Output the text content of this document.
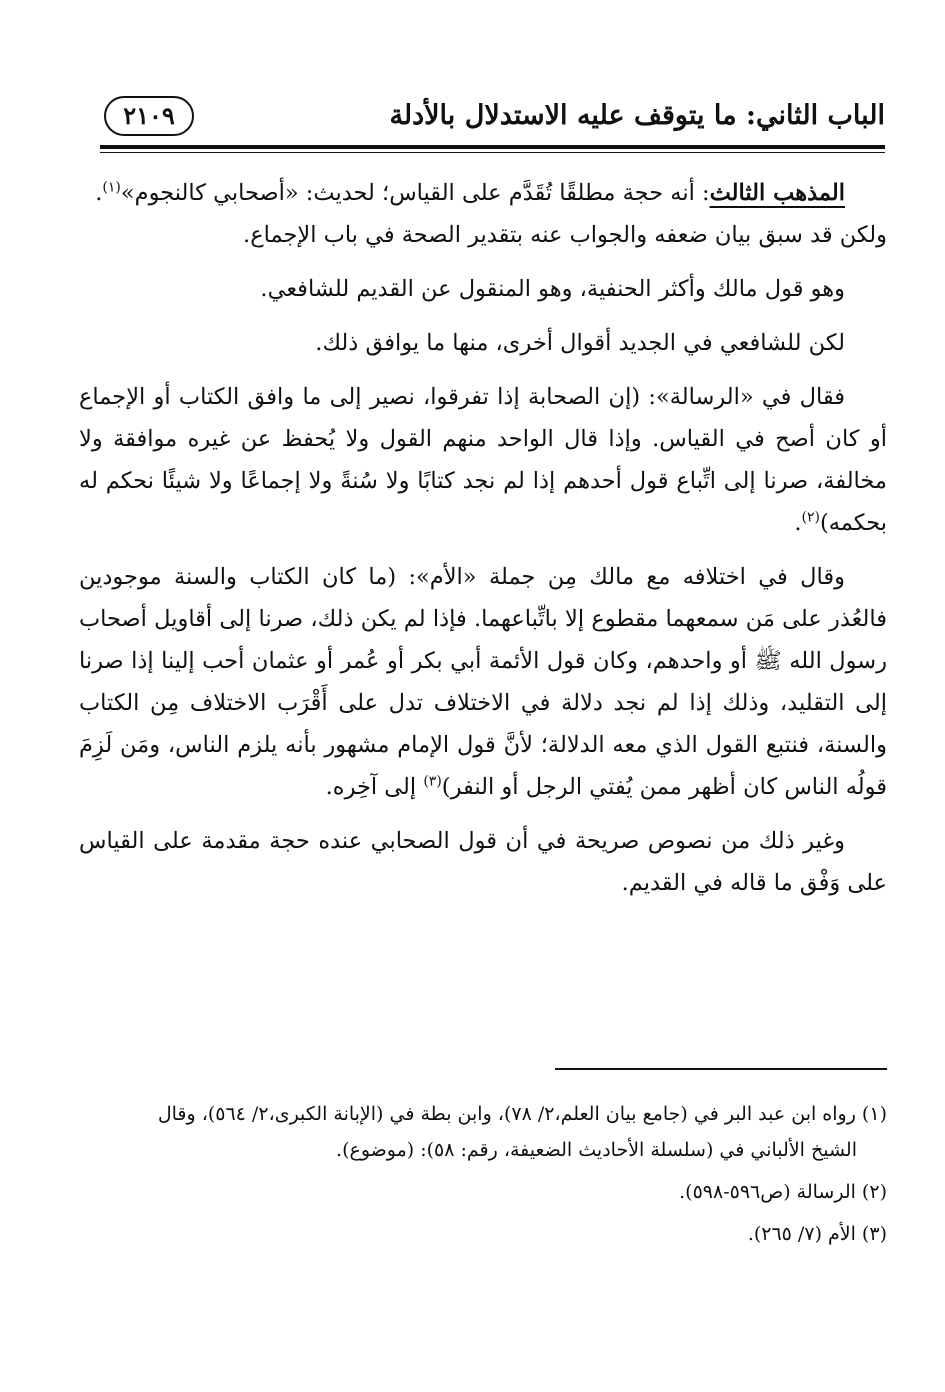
الباب الثاني: ما يتوقف عليه الاستدلال بالأدلة
٢١٠٩

المذهب الثالث: أنه حجة مطلقًا تُقَدَّم على القياس؛ لحديث: «أصحابي كالنجوم»$^{(١)}$.

ولكن قد سبق بيان ضعفه والجواب عنه بتقدير الصحة في باب الإجماع.

وهو قول مالك وأكثر الحنفية، وهو المنقول عن القديم للشافعي.

لكن للشافعي في الجديد أقوال أخرى، منها ما يوافق ذلك.

فقال في «الرسالة»: (إن الصحابة إذا تفرقوا، نصير إلى ما وافق الكتاب أو الإجماع أو كان أصح في القياس. وإذا قال الواحد منهم القول ولا يُحفظ عن غيره موافقة ولا مخالفة، صرنا إلى اتِّباع قول أحدهم إذا لم نجد كتابًا ولا سُنةً ولا إجماعًا ولا شيئًا نحكم له بحكمه)$^{(٢)}$.

وقال في اختلافه مع مالك مِن جملة «الأم»: (ما كان الكتاب والسنة موجودين فالعُذر على مَن سمعهما مقطوع إلا باتِّباعهما. فإذا لم يكن ذلك، صرنا إلى أقاويل أصحاب رسول الله ﷺ أو واحدهم، وكان قول الأئمة أبي بكر أو عُمر أو عثمان أحب إلينا إذا صرنا إلى التقليد، وذلك إذا لم نجد دلالة في الاختلاف تدل على أَقْرَب الاختلاف مِن الكتاب والسنة، فنتبع القول الذي معه الدلالة؛ لأنَّ قول الإمام مشهور بأنه يلزم الناس، ومَن لَزِمَ قولُه الناس كان أظهر ممن يُفتي الرجل أو النفر)$^{(٣)}$ إلى آخِره.

وغير ذلك من نصوص صريحة في أن قول الصحابي عنده حجة مقدمة على القياس على وَفْق ما قاله في القديم.

(١) رواه ابن عبد البر في (جامع بيان العلم،٢/ ٧٨)، وابن بطة في (الإبانة الكبرى،٢/ ٥٦٤)، وقال
الشيخ الألباني في (سلسلة الأحاديث الضعيفة، رقم: ٥٨): (موضوع).

(٢) الرسالة (ص٥٩٦-٥٩٨).

(٣) الأم (٧/ ٢٦٥).
